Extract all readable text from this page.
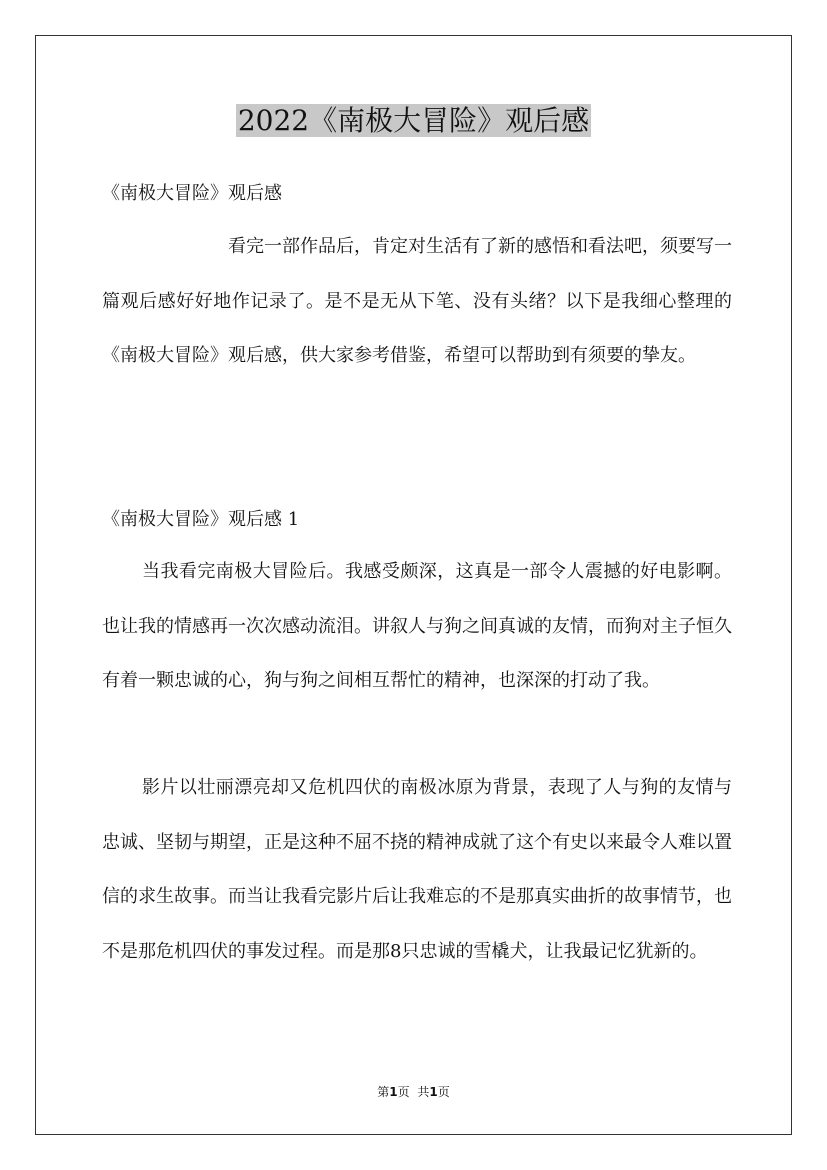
2022《南极大冒险》观后感
《南极大冒险》观后感

看完一部作品后，肯定对生活有了新的感悟和看法吧，须要写一篇观后感好好地作记录了。是不是无从下笔、没有头绪？以下是我细心整理的《南极大冒险》观后感，供大家参考借鉴，希望可以帮助到有须要的挚友。

《南极大冒险》观后感 1

当我看完南极大冒险后。我感受颇深，这真是一部令人震撼的好电影啊。也让我的情感再一次次感动流泪。讲叙人与狗之间真诚的友情，而狗对主子恒久有着一颗忠诚的心，狗与狗之间相互帮忙的精神，也深深的打动了我。

影片以壮丽漂亮却又危机四伏的南极冰原为背景，表现了人与狗的友情与忠诚、坚韧与期望，正是这种不屈不挠的精神成就了这个有史以来最令人难以置信的求生故事。而当让我看完影片后让我难忘的不是那真实曲折的故事情节，也不是那危机四伏的事发过程。而是那8只忠诚的雪橇犬，让我最记忆犹新的。

第1页 共1页
